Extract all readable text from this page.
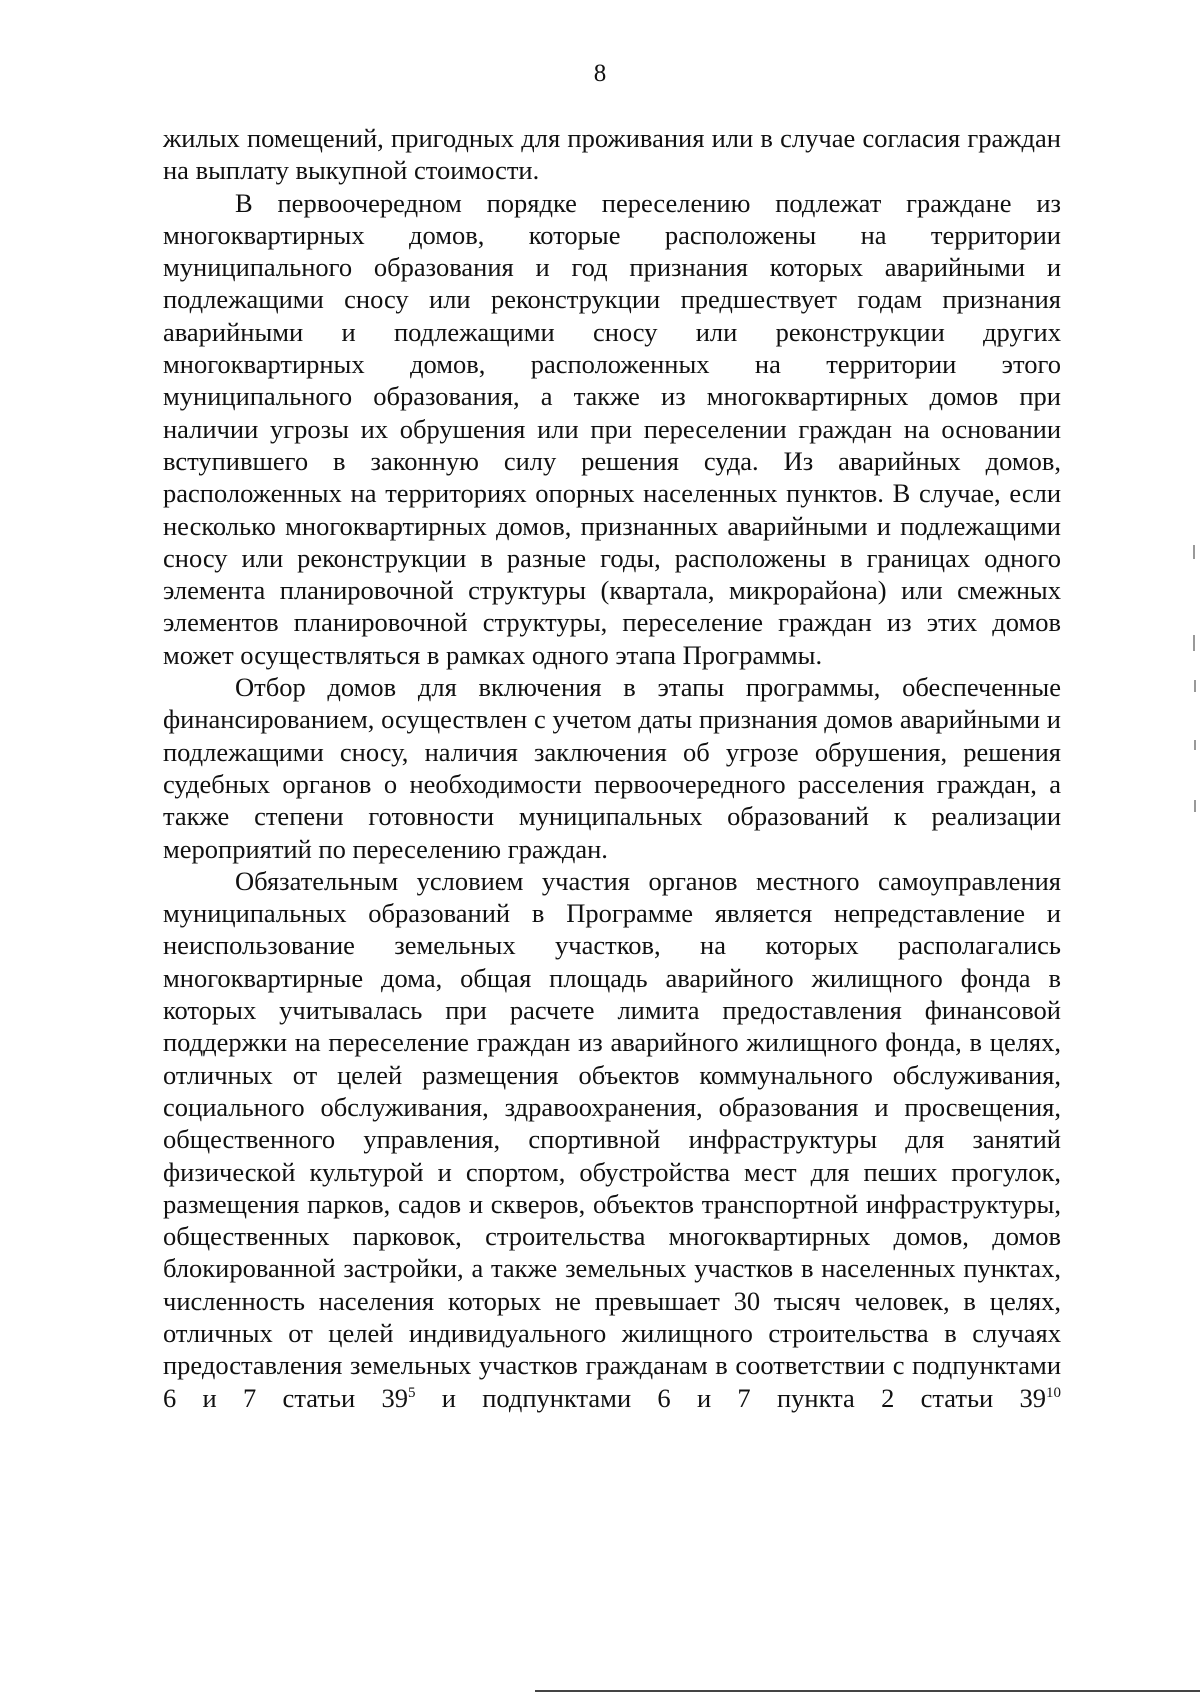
8

жилых помещений, пригодных для проживания или в случае согласия граждан на выплату выкупной стоимости.

В первоочередном порядке переселению подлежат граждане из многоквартирных домов, которые расположены на территории муниципального образования и год признания которых аварийными и подлежащими сносу или реконструкции предшествует годам признания аварийными и подлежащими сносу или реконструкции других многоквартирных домов, расположенных на территории этого муниципального образования, а также из многоквартирных домов при наличии угрозы их обрушения или при переселении граждан на основании вступившего в законную силу решения суда. Из аварийных домов, расположенных на территориях опорных населенных пунктов. В случае, если несколько многоквартирных домов, признанных аварийными и подлежащими сносу или реконструкции в разные годы, расположены в границах одного элемента планировочной структуры (квартала, микрорайона) или смежных элементов планировочной структуры, переселение граждан из этих домов может осуществляться в рамках одного этапа Программы.

Отбор домов для включения в этапы программы, обеспеченные финансированием, осуществлен с учетом даты признания домов аварийными и подлежащими сносу, наличия заключения об угрозе обрушения, решения судебных органов о необходимости первоочередного расселения граждан, а также степени готовности муниципальных образований к реализации мероприятий по переселению граждан.

Обязательным условием участия органов местного самоуправления муниципальных образований в Программе является непредставление и неиспользование земельных участков, на которых располагались многоквартирные дома, общая площадь аварийного жилищного фонда в которых учитывалась при расчете лимита предоставления финансовой поддержки на переселение граждан из аварийного жилищного фонда, в целях, отличных от целей размещения объектов коммунального обслуживания, социального обслуживания, здравоохранения, образования и просвещения, общественного управления, спортивной инфраструктуры для занятий физической культурой и спортом, обустройства мест для пеших прогулок, размещения парков, садов и скверов, объектов транспортной инфраструктуры, общественных парковок, строительства многоквартирных домов, домов блокированной застройки, а также земельных участков в населенных пунктах, численность населения которых не превышает 30 тысяч человек, в целях, отличных от целей индивидуального жилищного строительства в случаях предоставления земельных участков гражданам в соответствии с подпунктами 6 и 7 статьи $39^5$ и подпунктами 6 и 7 пункта 2 статьи $39^{10}$
